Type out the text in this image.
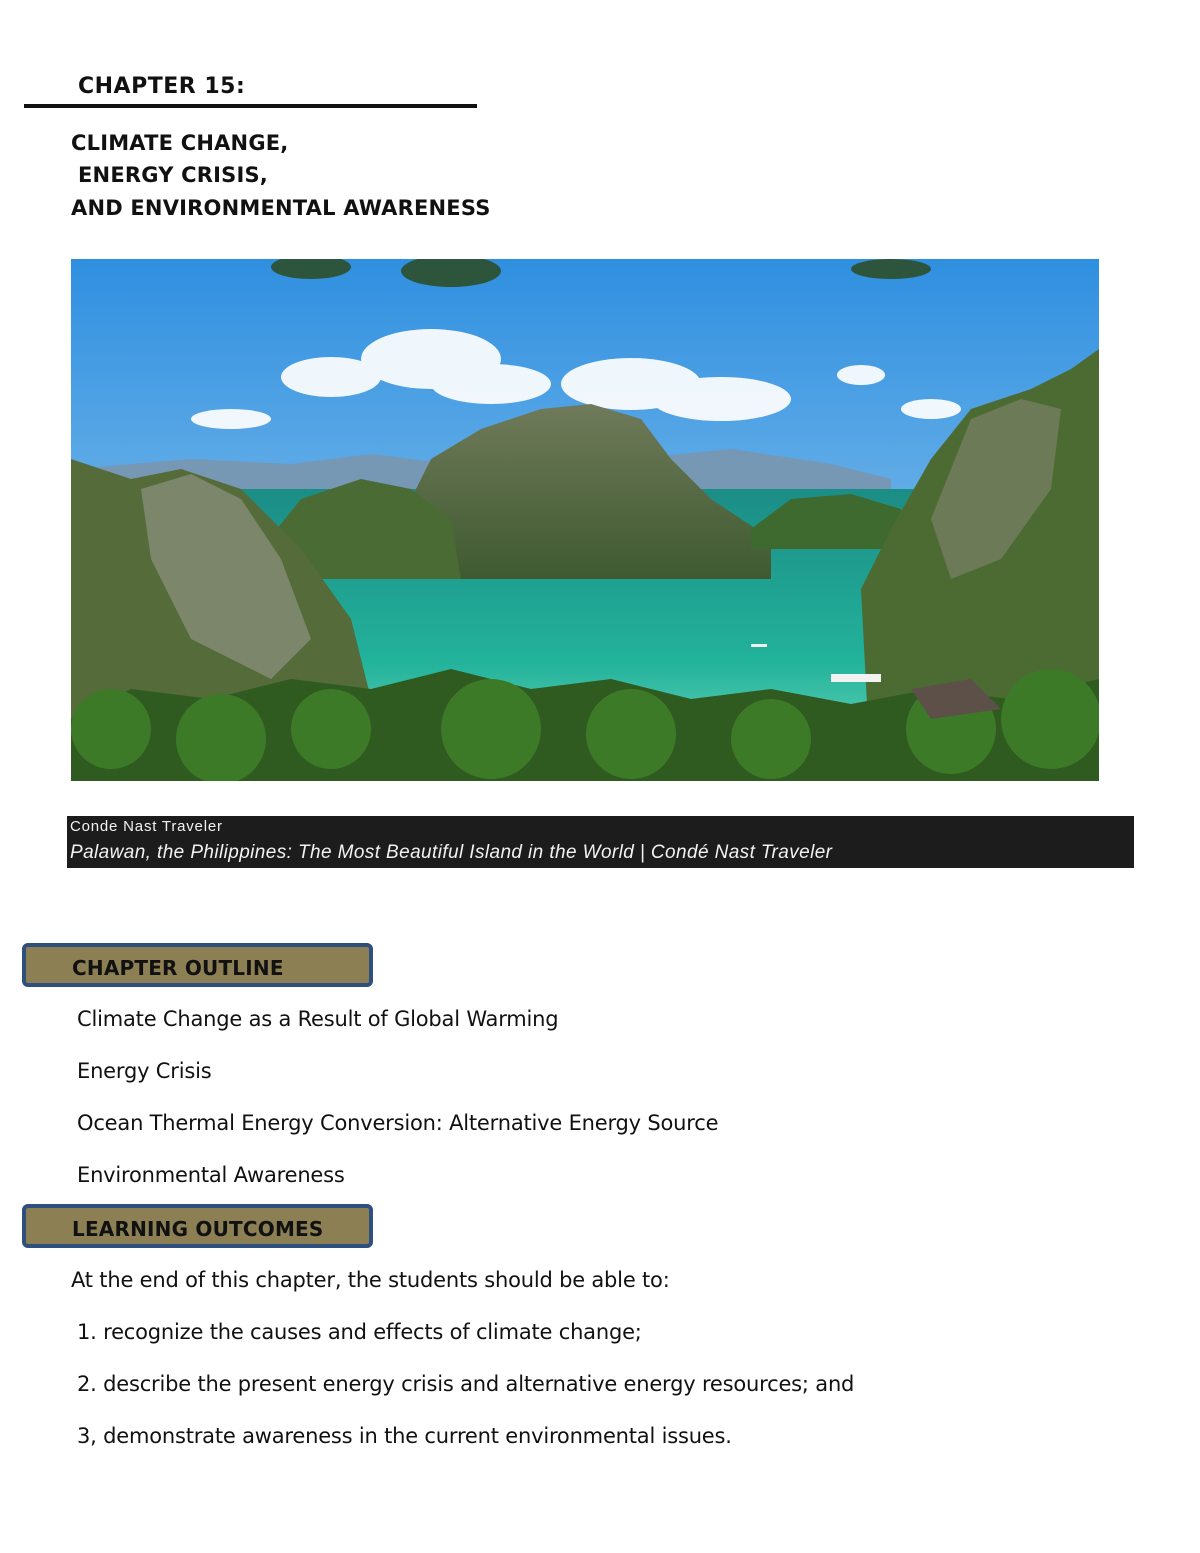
CHAPTER 15:
CLIMATE CHANGE,
ENERGY CRISIS,
AND ENVIRONMENTAL AWARENESS
Conde Nast Traveler
Palawan, the Philippines: The Most Beautiful Island in the World | Condé Nast Traveler
CHAPTER OUTLINE
Climate Change as a Result of Global Warming
Energy Crisis
Ocean Thermal Energy Conversion: Alternative Energy Source
Environmental Awareness
LEARNING OUTCOMES
At the end of this chapter, the students should be able to:
1. recognize the causes and effects of climate change;
2. describe the present energy crisis and alternative energy resources; and
3, demonstrate awareness in the current environmental issues.
